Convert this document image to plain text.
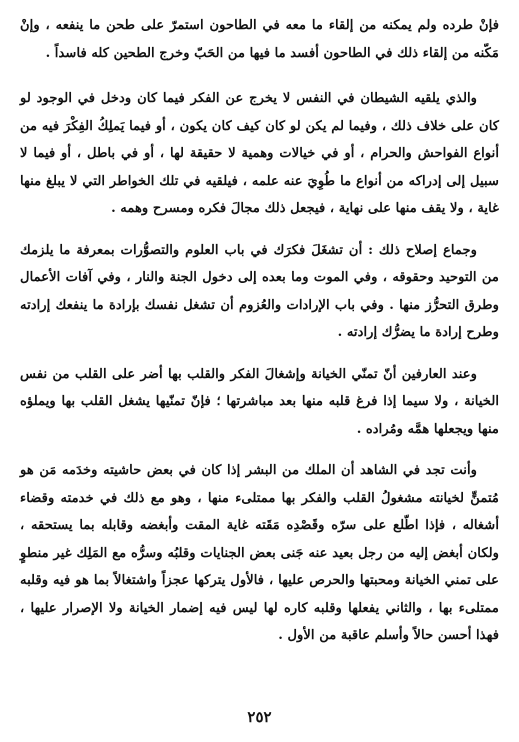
فإنْ طرده ولم يمكنه من إلقاء ما معه في الطاحون استمرّ على طحن ما ينفعه ، وإنْ مَكّنه من إلقاء ذلك في الطاحون أفسد ما فيها من الحَبّ وخرج الطحين كله فاسداً .

والذي يلقيه الشيطان في النفس لا يخرج عن الفكر فيما كان ودخل في الوجود لو كان على خلاف ذلك ، وفيما لم يكن لو كان كيف كان يكون ، أو فيما يَملِكُ الفِكْرَ فيه من أنواع الفواحش والحرام ، أو في خيالات وهمية لا حقيقة لها ، أو في باطل ، أو فيما لا سبيل إلى إدراكه من أنواع ما طُوِيَ عنه علمه ، فيلقيه في تلك الخواطر التي لا يبلغ منها غاية ، ولا يقف منها على نهاية ، فيجعل ذلك مجالَ فكره ومسرح وهمه .

وجماع إصلاح ذلك : أن تشغَلَ فكرَك في باب العلوم والتصوُّرات بمعرفة ما يلزمك من التوحيد وحقوقه ، وفي الموت وما بعده إلى دخول الجنة والنار ، وفي آفات الأعمال وطرق التحرُّز منها . وفي باب الإرادات والعُزوم أن تشغل نفسك بإرادة ما ينفعك إرادته وطرح إرادة ما يضرُّك إرادته .

وعند العارفين أنّ تمنّي الخيانة وإشغالَ الفكر والقلب بها أضر على القلب من نفس الخيانة ، ولا سيما إذا فرغ قلبه منها بعد مباشرتها ؛ فإنّ تمنّيها يشغل القلب بها ويملؤه منها ويجعلها همَّه ومُراده .

وأنت تجد في الشاهد أن الملك من البشر إذا كان في بعض حاشيته وخدَمه مَن هو مُتمنٍّ لخيانته مشغولُ القلب والفكر بها ممتلىء منها ، وهو مع ذلك في خدمته وقضاء أشغاله ، فإذا اطّلع على سرّه وقَصْدِه مَقَته غاية المقت وأبغضه وقابله بما يستحقه ، ولكان أبغض إليه من رجل بعيد عنه جَنى بعض الجنايات وقلبُه وسرُّه مع المَلِك غير منطوٍ على تمني الخيانة ومحبتها والحرص عليها ، فالأول يتركها عجزاً واشتغالاً بما هو فيه وقلبه ممتلىء بها ، والثاني يفعلها وقلبه كاره لها ليس فيه إضمار الخيانة ولا الإصرار عليها ، فهذا أحسن حالاً وأسلم عاقبة من الأول .

٢٥٢
